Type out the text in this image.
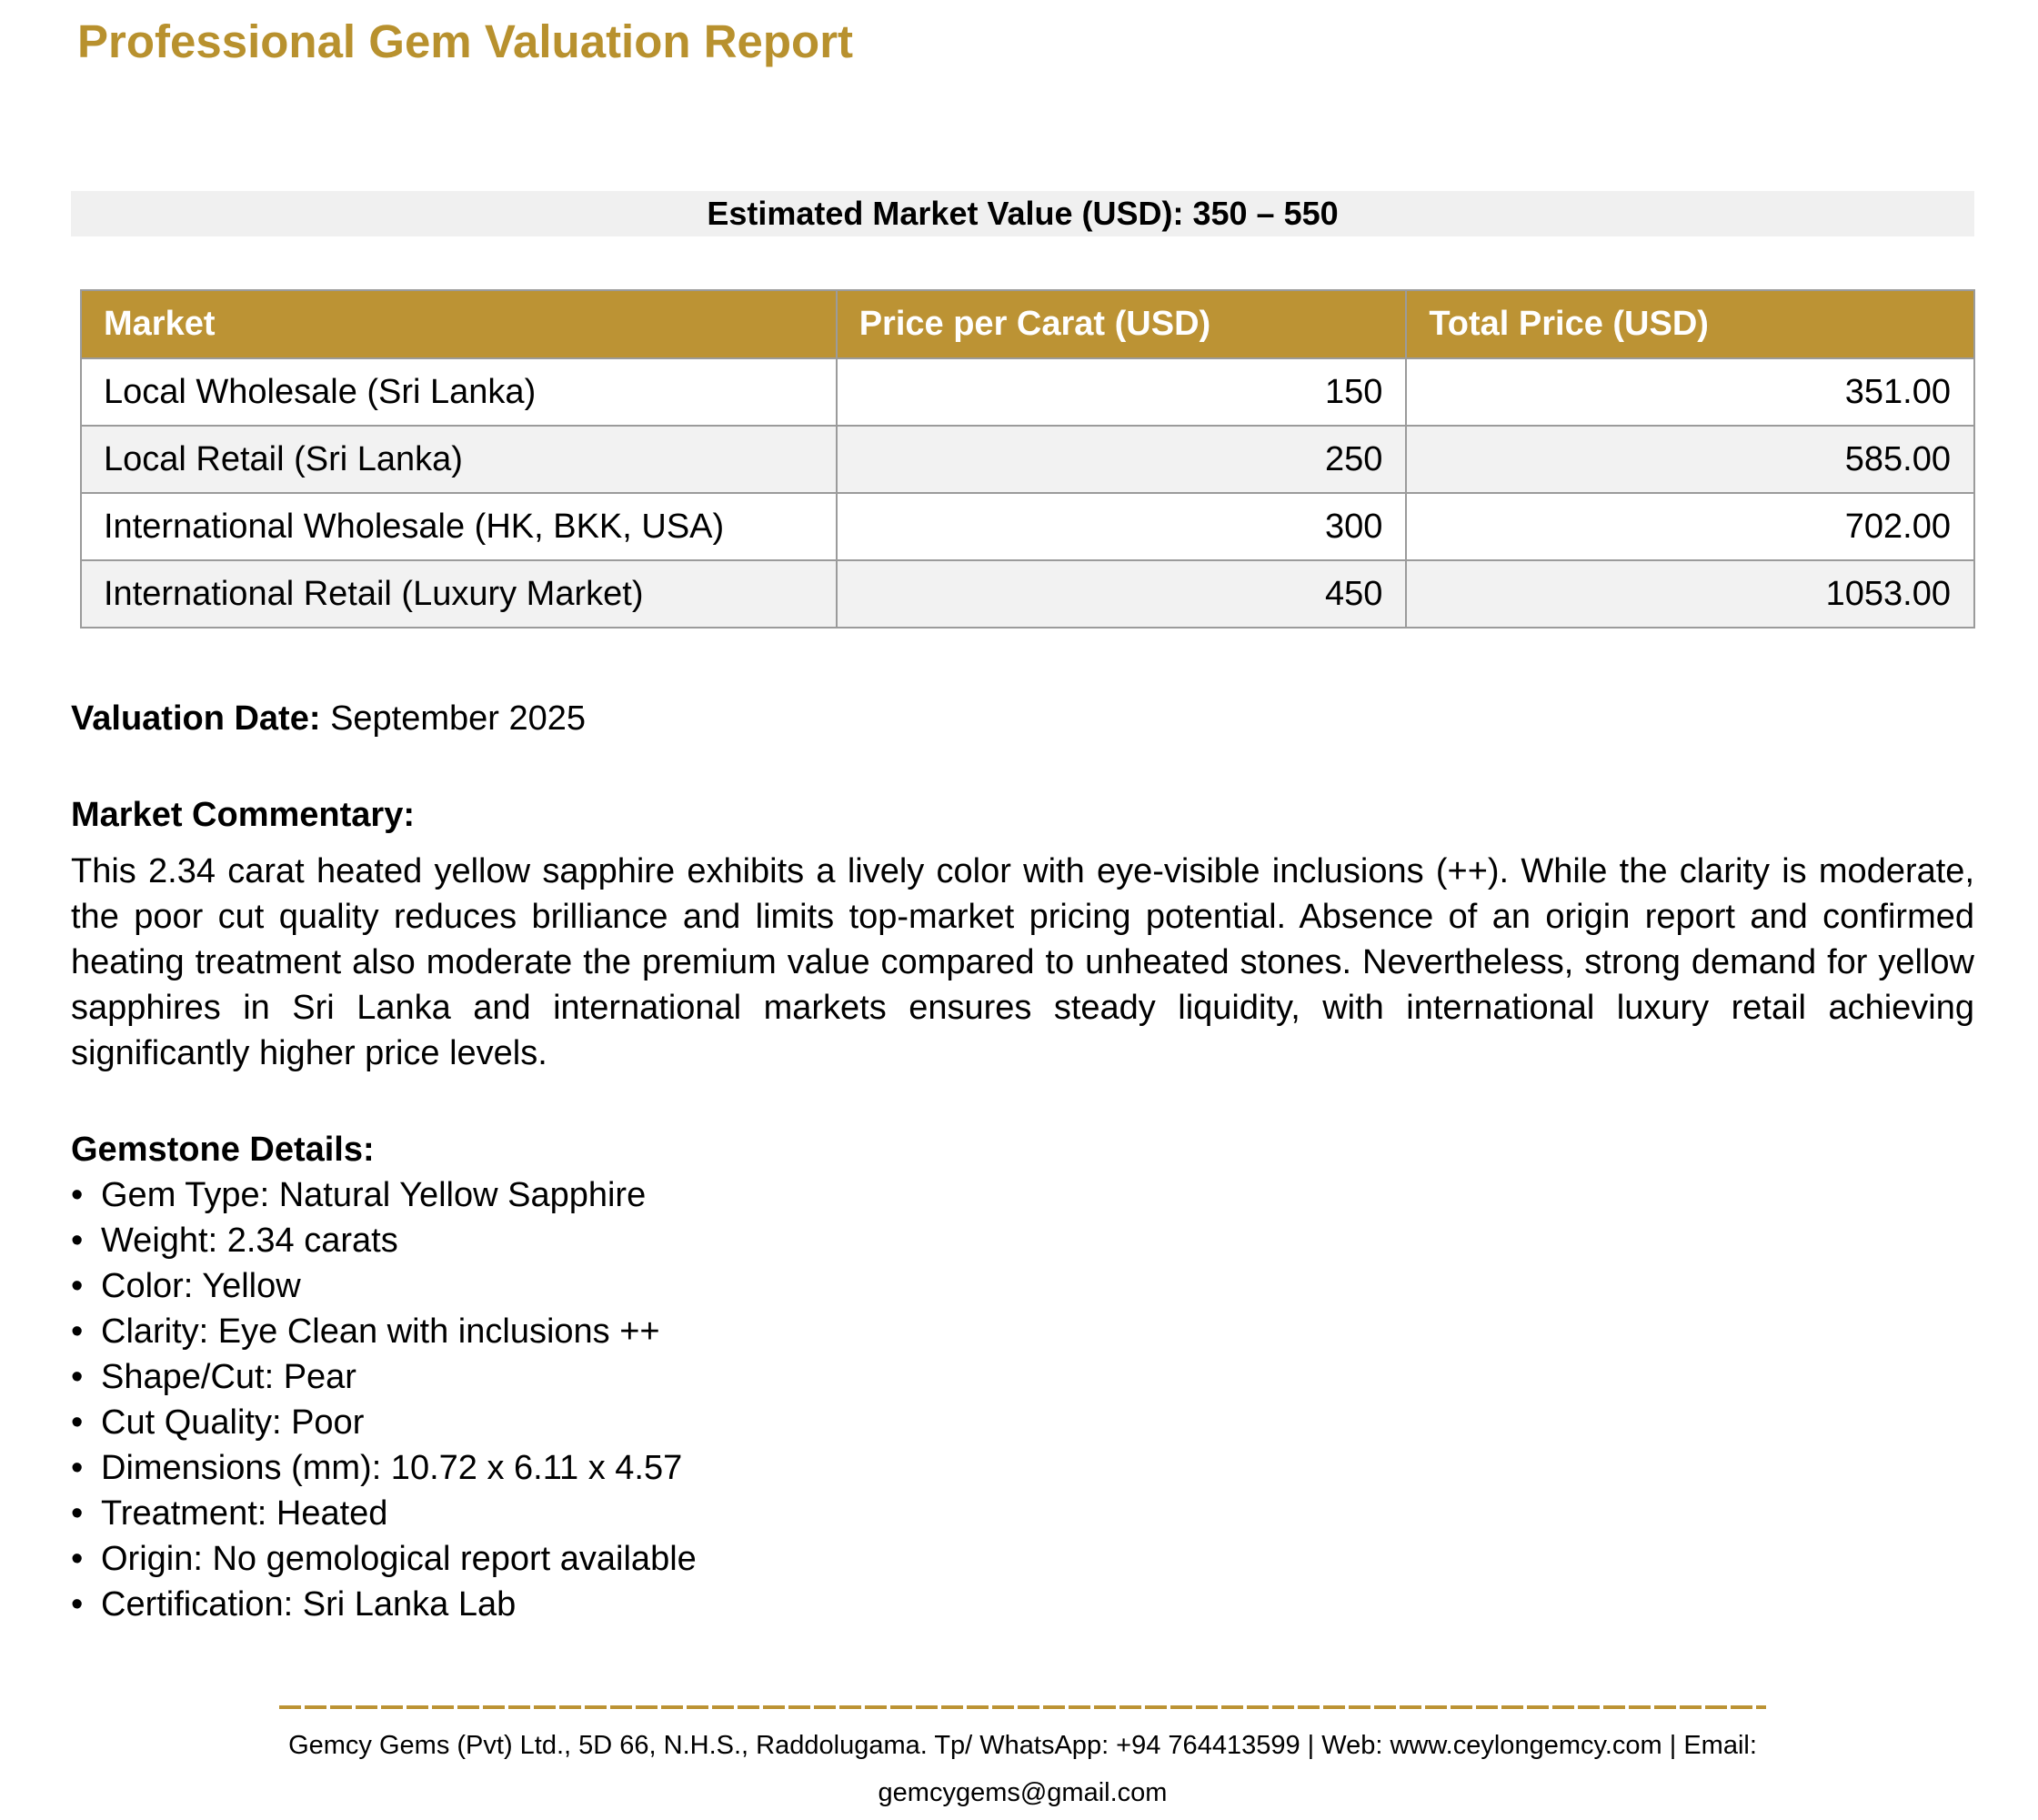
Professional Gem Valuation Report
Estimated Market Value (USD): 350 – 550
Market	Price per Carat (USD)	Total Price (USD)
Local Wholesale (Sri Lanka)	150	351.00
Local Retail (Sri Lanka)	250	585.00
International Wholesale (HK, BKK, USA)	300	702.00
International Retail (Luxury Market)	450	1053.00

Valuation Date: September 2025

Market Commentary:

This 2.34 carat heated yellow sapphire exhibits a lively color with eye-visible inclusions (++). While the clarity is moderate, the poor cut quality reduces brilliance and limits top-market pricing potential. Absence of an origin report and confirmed heating treatment also moderate the premium value compared to unheated stones. Nevertheless, strong demand for yellow sapphires in Sri Lanka and international markets ensures steady liquidity, with international luxury retail achieving significantly higher price levels.

Gemstone Details:

• Gem Type: Natural Yellow Sapphire
• Weight: 2.34 carats
• Color: Yellow
• Clarity: Eye Clean with inclusions ++
• Shape/Cut: Pear
• Cut Quality: Poor
• Dimensions (mm): 10.72 x 6.11 x 4.57
• Treatment: Heated
• Origin: No gemological report available
• Certification: Sri Lanka Lab
Gemcy Gems (Pvt) Ltd., 5D 66, N.H.S., Raddolugama. Tp/ WhatsApp: +94 764413599 | Web: www.ceylongemcy.com | Email:
gemcygems@gmail.com
